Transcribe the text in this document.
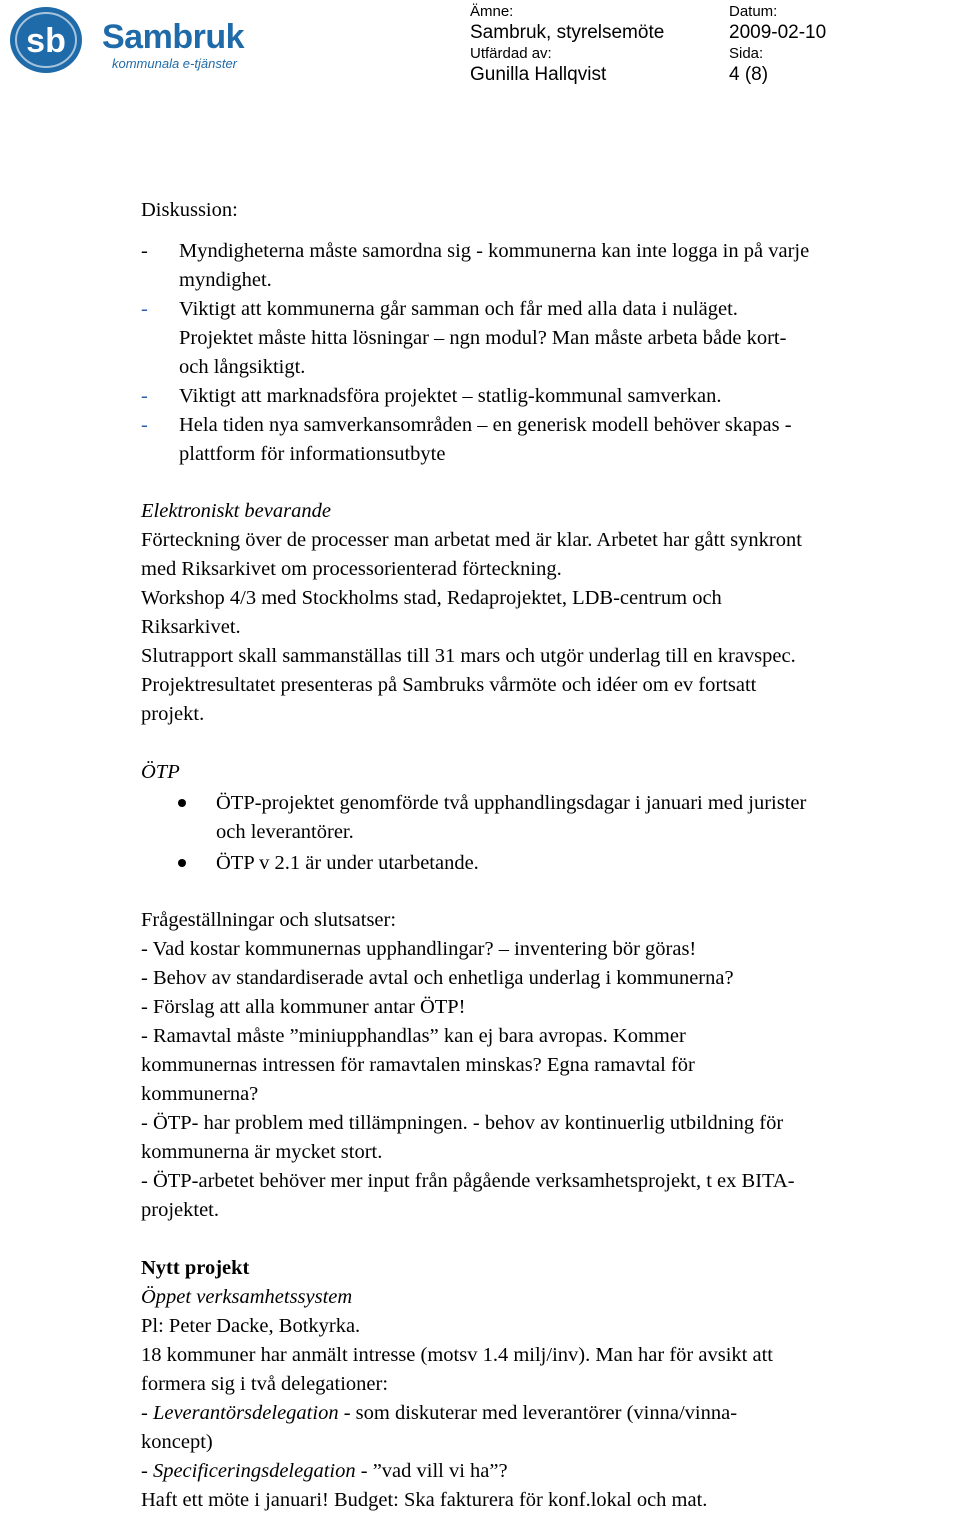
sb Sambruk
kommunala e-tjänster
Ämne:
Sambruk, styrelsemöte
Datum:
2009-02-10
Utfärdad av:
Gunilla Hallqvist
Sida:
4 (8)
Diskussion:
- Myndigheterna måste samordna sig - kommunerna kan inte logga in på varje
myndighet.
- Viktigt att kommunerna går samman och får med alla data i nuläget.
Projektet måste hitta lösningar – ngn modul? Man måste arbeta både kort-
och långsiktigt.
- Viktigt att marknadsföra projektet – statlig-kommunal samverkan.
- Hela tiden nya samverkansområden – en generisk modell behöver skapas -
plattform för informationsutbyte
Elektroniskt bevarande
Förteckning över de processer man arbetat med är klar. Arbetet har gått synkront
med Riksarkivet om processorienterad förteckning.
Workshop 4/3 med Stockholms stad, Redaprojektet, LDB-centrum och
Riksarkivet.
Slutrapport skall sammanställas till 31 mars och utgör underlag till en kravspec.
Projektresultatet presenteras på Sambruks vårmöte och idéer om ev fortsatt
projekt.
ÖTP
ÖTP-projektet genomförde två upphandlingsdagar i januari med jurister
och leverantörer.
ÖTP v 2.1 är under utarbetande.
Frågeställningar och slutsatser:
- Vad kostar kommunernas upphandlingar? – inventering bör göras!
- Behov av standardiserade avtal och enhetliga underlag i kommunerna?
- Förslag att alla kommuner antar ÖTP!
- Ramavtal måste ”miniupphandlas” kan ej bara avropas. Kommer
kommunernas intressen för ramavtalen minskas? Egna ramavtal för
kommunerna?
- ÖTP- har problem med tillämpningen. - behov av kontinuerlig utbildning för
kommunerna är mycket stort.
- ÖTP-arbetet behöver mer input från pågående verksamhetsprojekt, t ex BITA-
projektet.
Nytt projekt
Öppet verksamhetssystem
Pl: Peter Dacke, Botkyrka.
18 kommuner har anmält intresse (motsv 1.4 milj/inv). Man har för avsikt att
formera sig i två delegationer:
- Leverantörsdelegation - som diskuterar med leverantörer (vinna/vinna-
koncept)
- Specificeringsdelegation - ”vad vill vi ha”?
Haft ett möte i januari! Budget: Ska fakturera för konf.lokal och mat.
